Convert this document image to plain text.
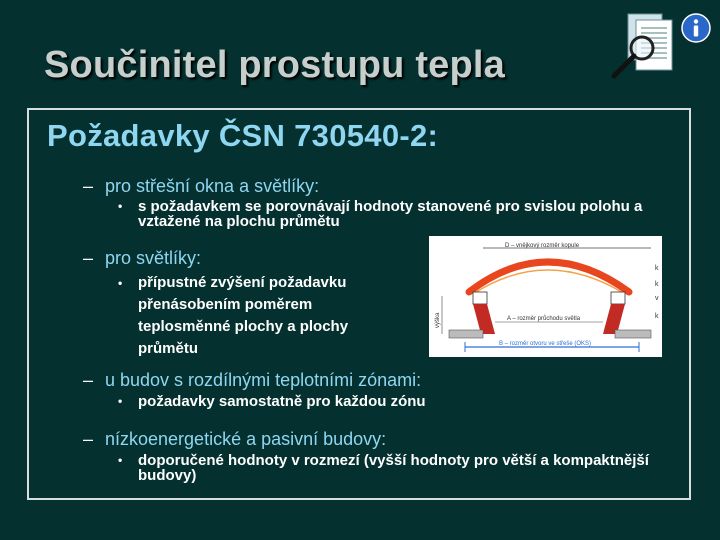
Součinitel prostupu tepla
Požadavky ČSN 730540-2:
– pro střešní okna a světlíky:
•	s požadavkem se porovnávají hodnoty stanovené pro svislou polohu a vztažené na plochu průmětu
– pro světlíky:
•	přípustné zvýšení požadavku přenásobením poměrem teplosměnné plochy a plochy průmětu
D – vnějkový rozměr kopule
k
k
v
k
výška	A – rozměr průchodu světla
B – rozměr otvoru ve střeše (OKS)
– u budov s rozdílnými teplotními zónami:
•	požadavky samostatně pro každou zónu
– nízkoenergetické a pasivní budovy:
•	doporučené hodnoty v rozmezí (vyšší hodnoty pro větší a kompaktnější budovy)
